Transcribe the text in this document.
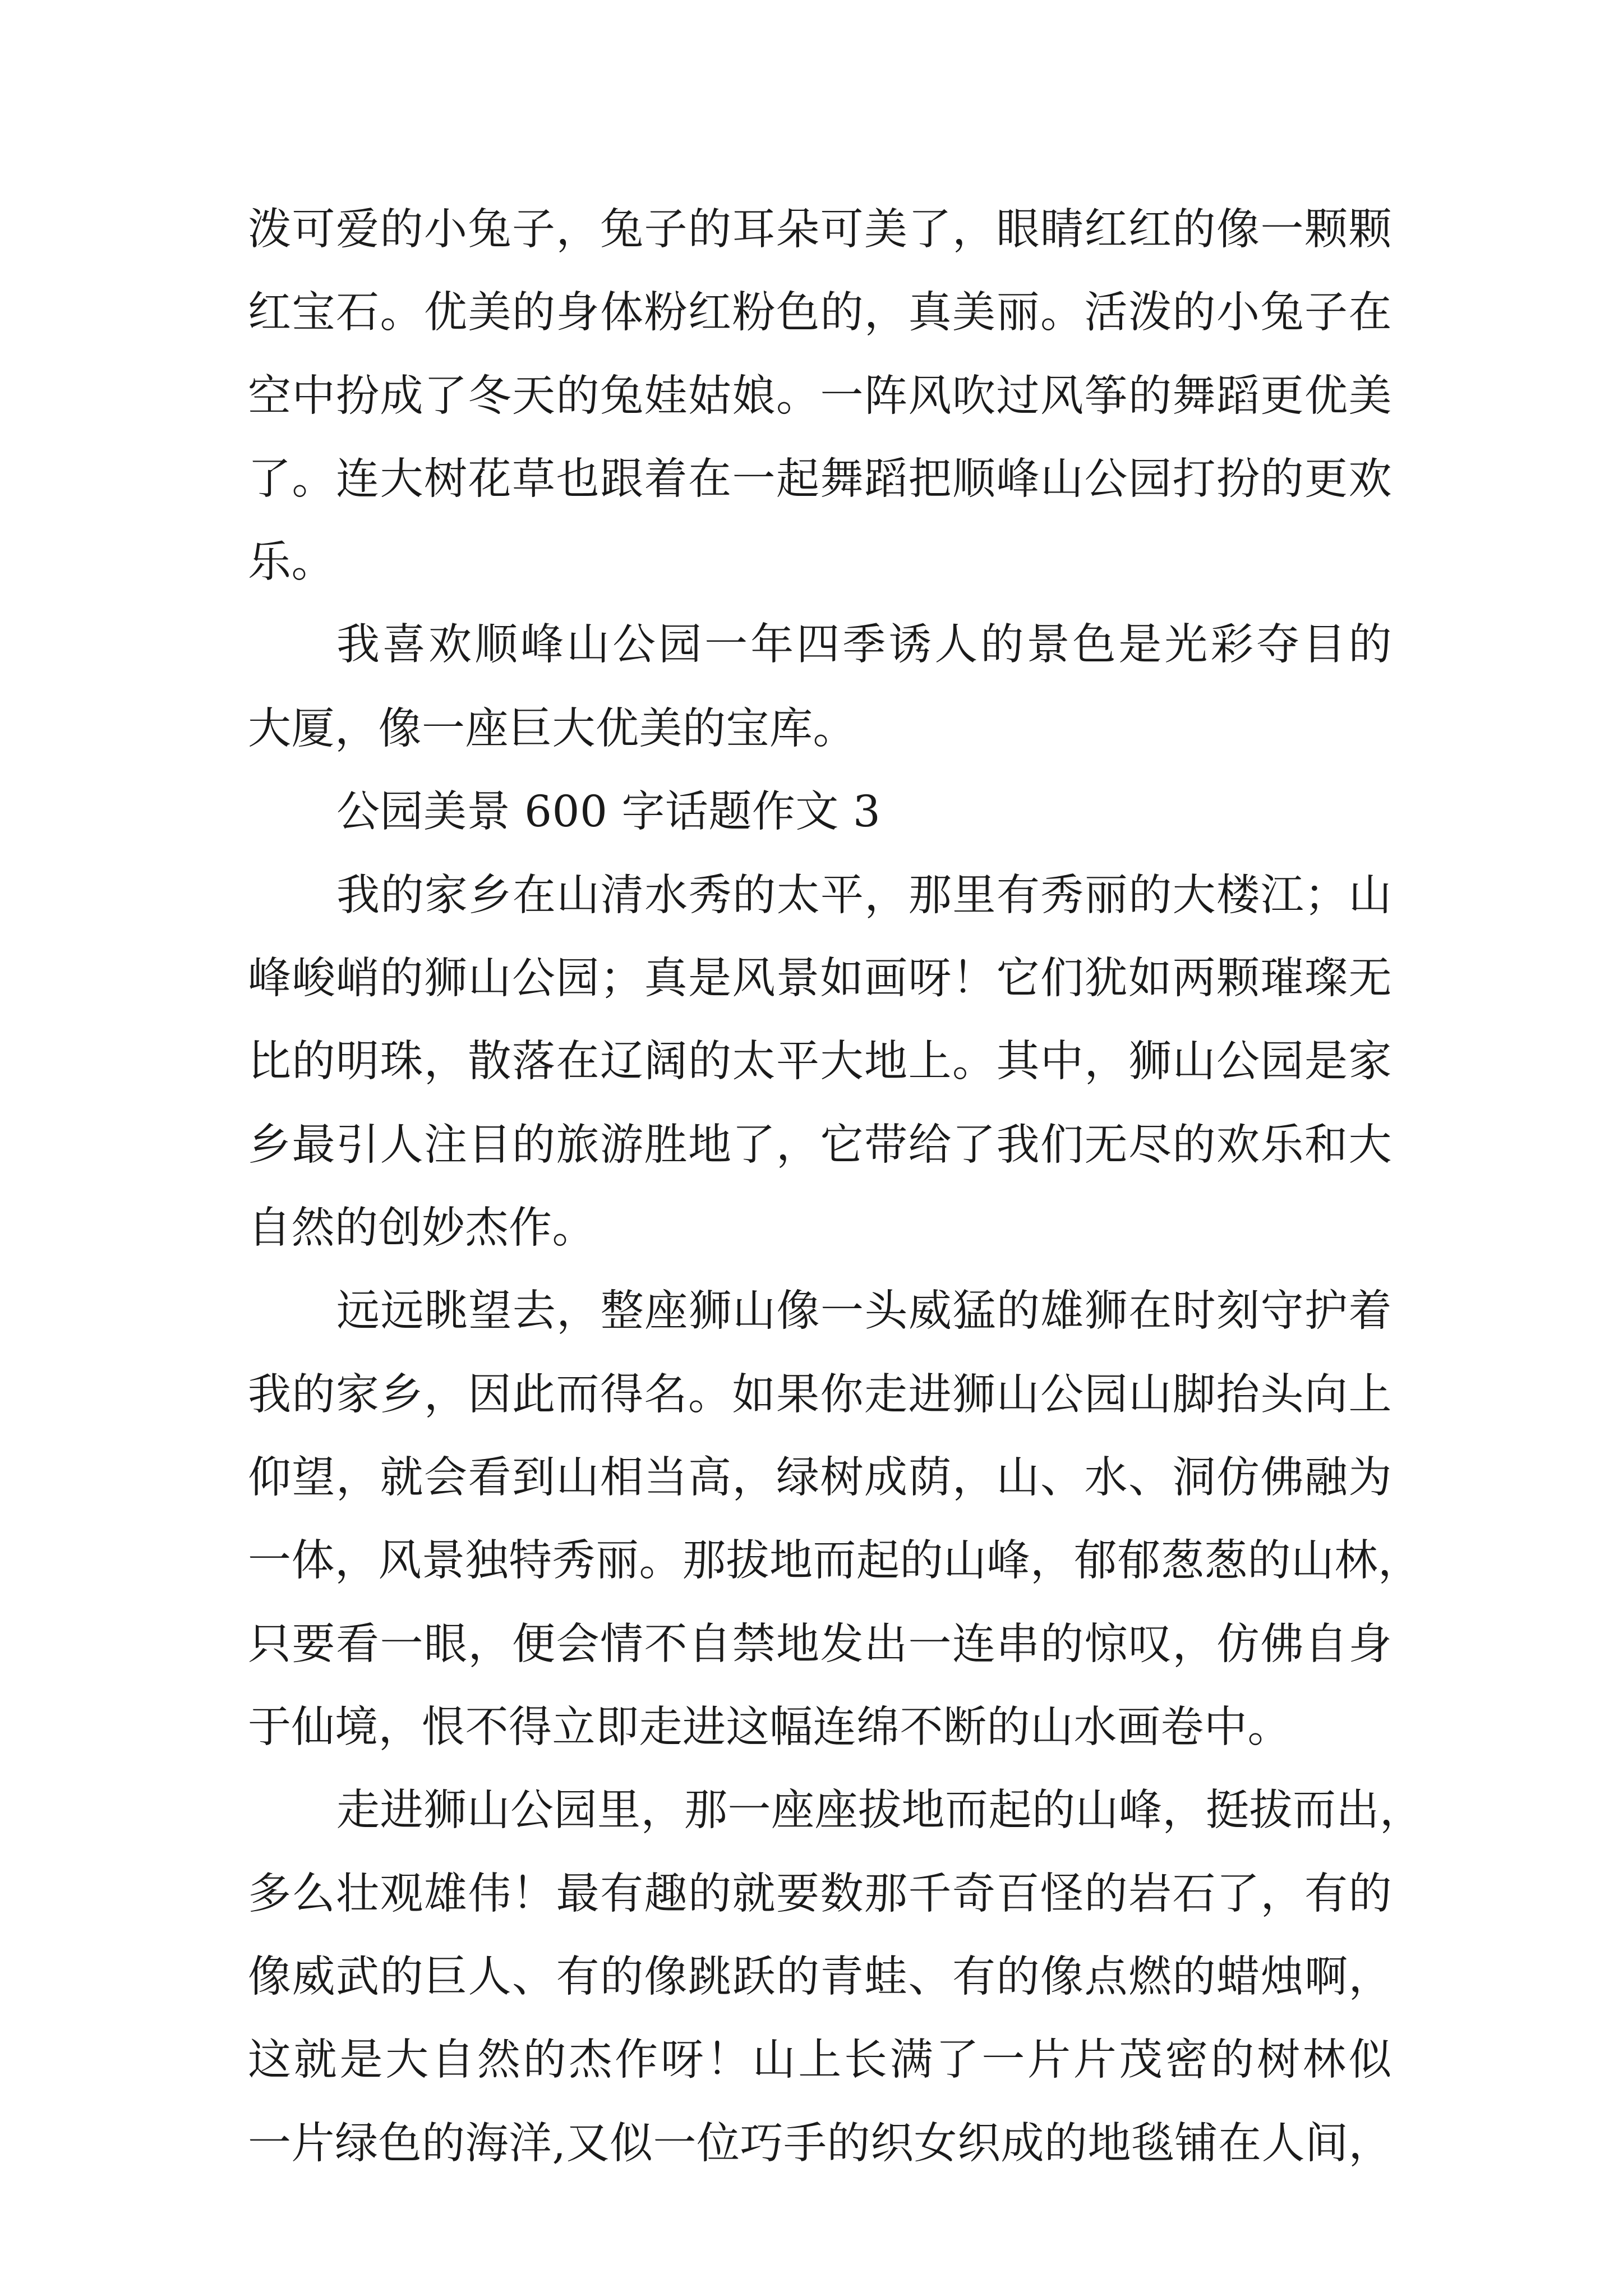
泼可爱的小兔子，兔子的耳朵可美了，眼睛红红的像一颗颗
红宝石。优美的身体粉红粉色的，真美丽。活泼的小兔子在
空中扮成了冬天的兔娃姑娘。一阵风吹过风筝的舞蹈更优美
了。连大树花草也跟着在一起舞蹈把顺峰山公园打扮的更欢
乐。
我喜欢顺峰山公园一年四季诱人的景色是光彩夺目的
大厦，像一座巨大优美的宝库。
公园美景 600 字话题作文 3
我的家乡在山清水秀的太平，那里有秀丽的大楼江；山
峰峻峭的狮山公园；真是风景如画呀！它们犹如两颗璀璨无
比的明珠，散落在辽阔的太平大地上。其中，狮山公园是家
乡最引人注目的旅游胜地了，它带给了我们无尽的欢乐和大
自然的创妙杰作。
远远眺望去，整座狮山像一头威猛的雄狮在时刻守护着
我的家乡，因此而得名。如果你走进狮山公园山脚抬头向上
仰望，就会看到山相当高，绿树成荫，山、水、洞仿佛融为
一体，风景独特秀丽。那拔地而起的山峰，郁郁葱葱的山林，
只要看一眼，便会情不自禁地发出一连串的惊叹，仿佛自身
于仙境，恨不得立即走进这幅连绵不断的山水画卷中。
走进狮山公园里，那一座座拔地而起的山峰，挺拔而出，
多么壮观雄伟！最有趣的就要数那千奇百怪的岩石了，有的
像威武的巨人、有的像跳跃的青蛙、有的像点燃的蜡烛啊，
这就是大自然的杰作呀！山上长满了一片片茂密的树林似
一片绿色的海洋,又似一位巧手的织女织成的地毯铺在人间，
